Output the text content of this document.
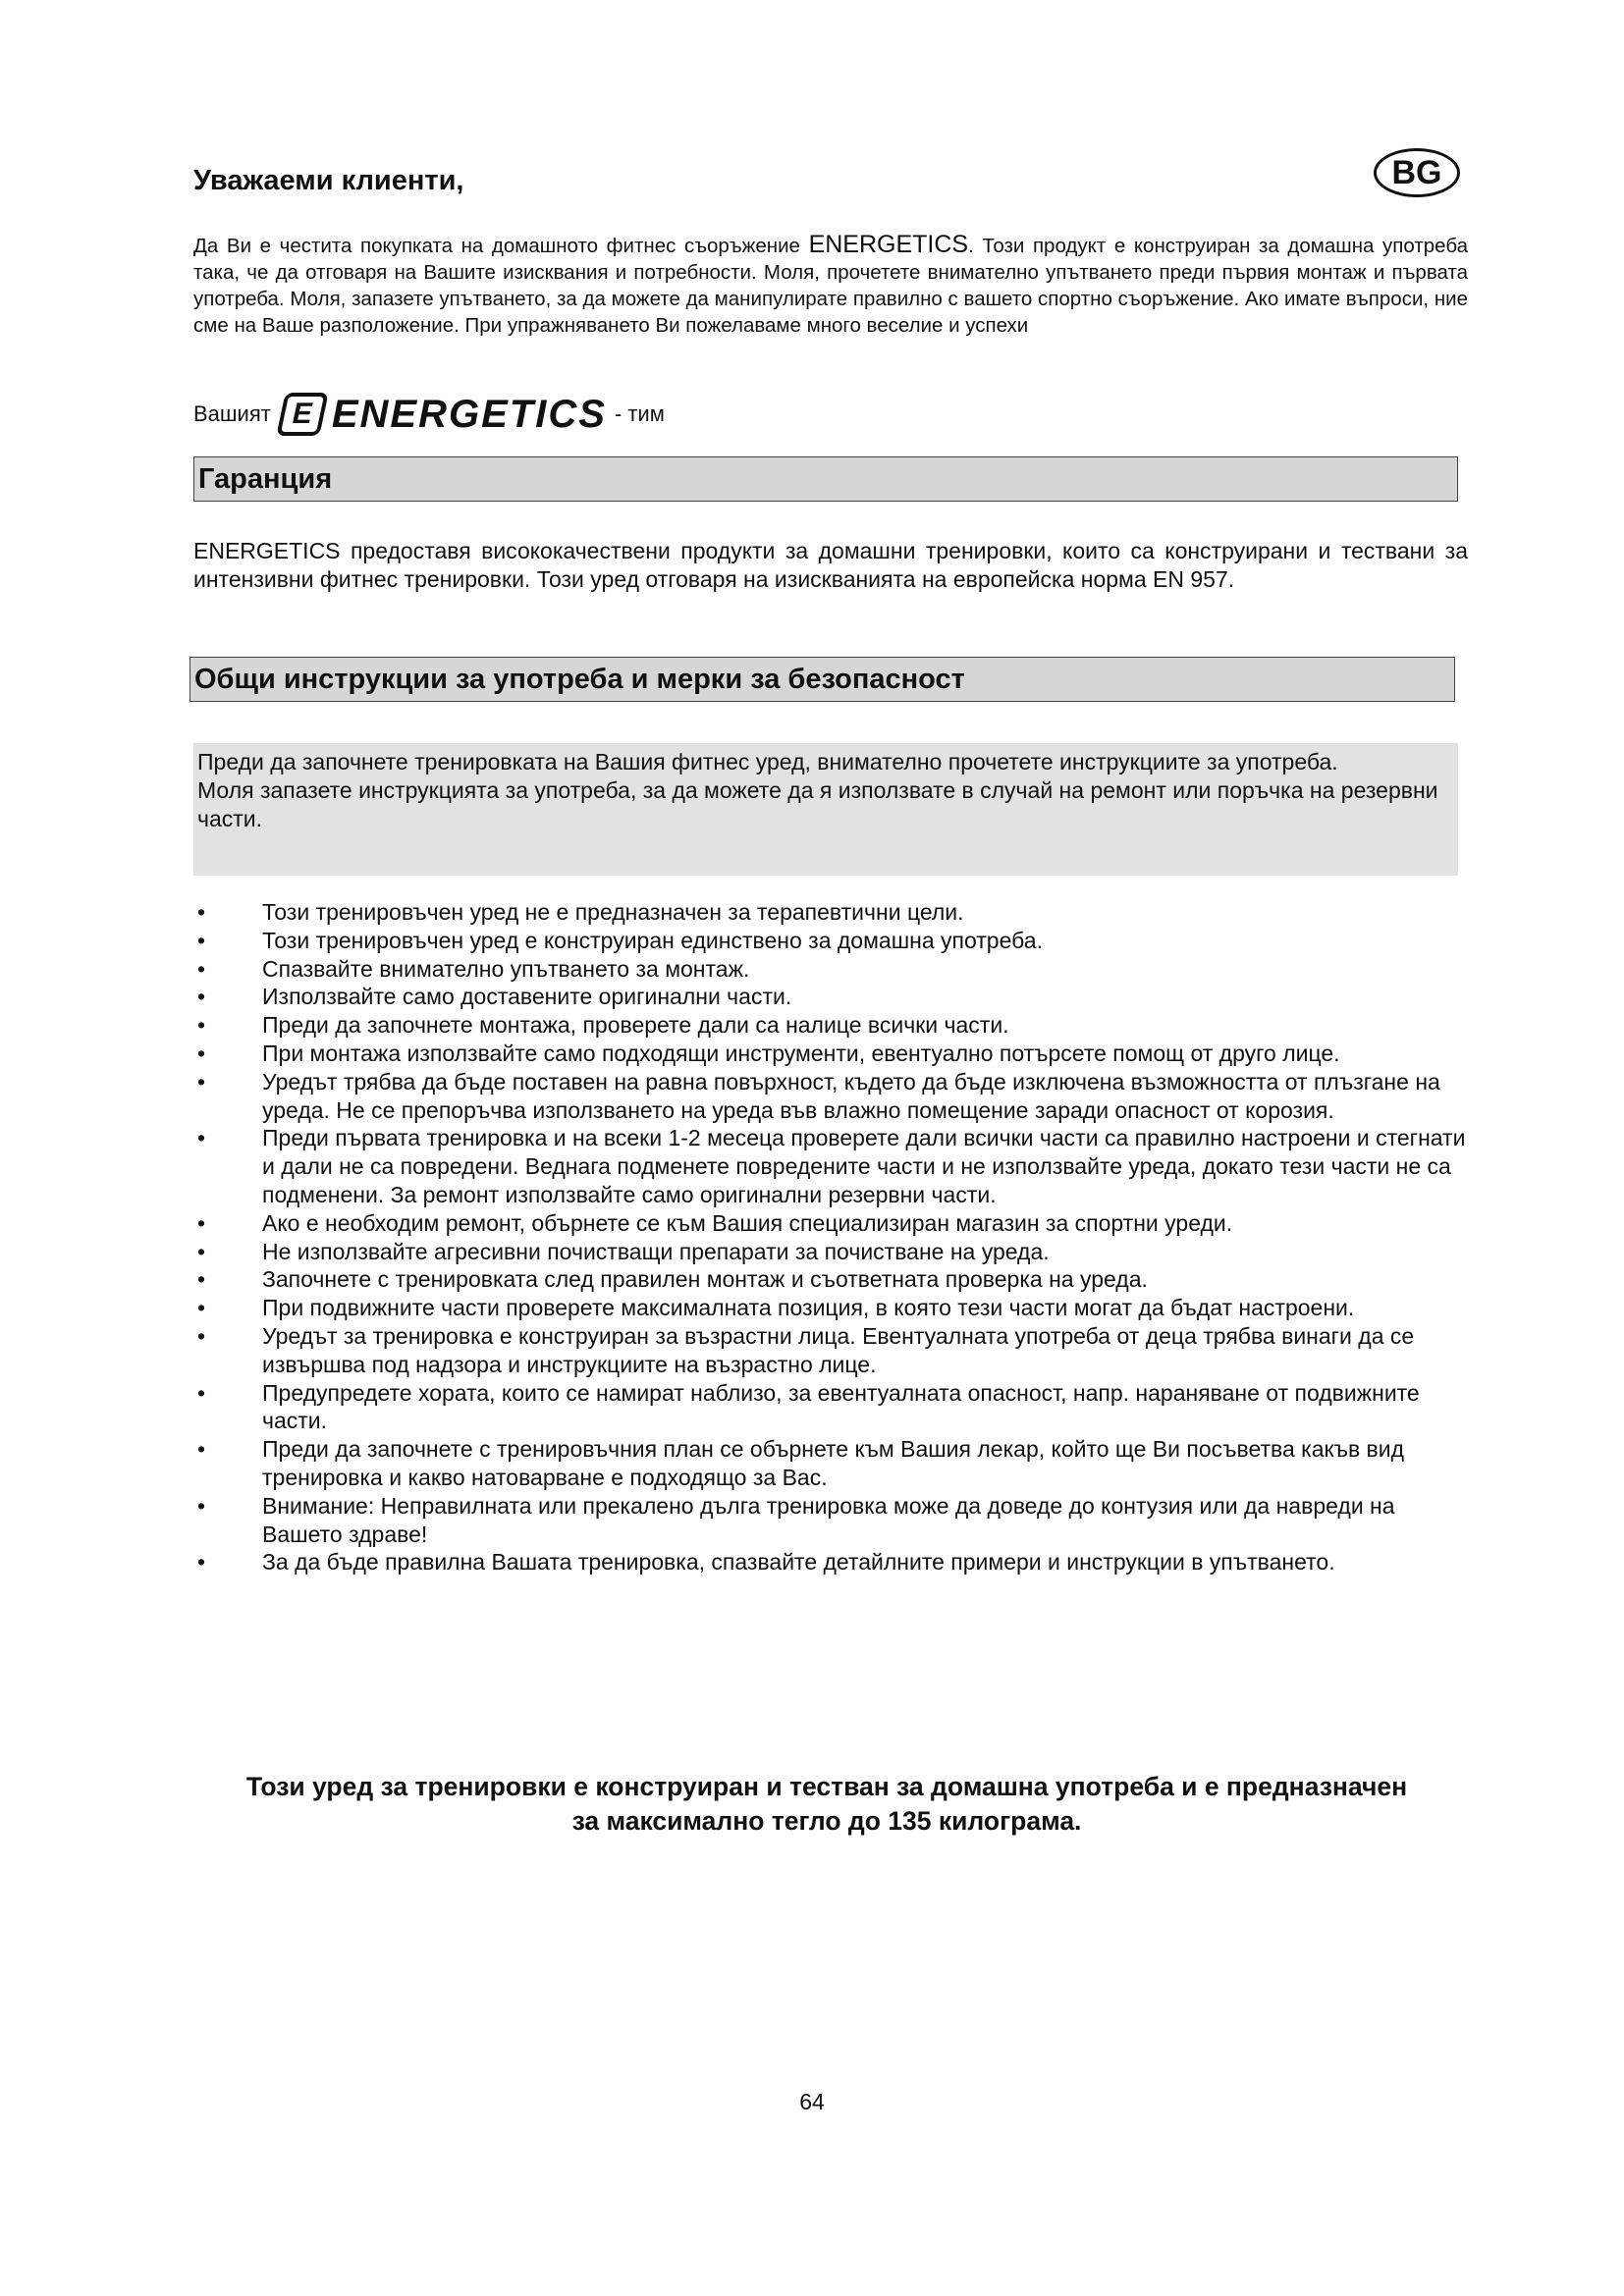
Уважаеми клиенти,	BG
Да Ви е честита покупката на домашното фитнес съоръжение ENERGETICS. Този продукт е конструиран за домашна употреба така, че да отговаря на Вашите изисквания и потребности. Моля, прочетете внимателно упътването преди първия монтаж и първата употреба. Моля, запазете упътването, за да можете да манипулирате правилно с вашето спортно съоръжение. Ако имате въпроси, ние сме на Ваше разположение. При упражняването Ви пожелаваме много веселие и успехи
Вашият E ENERGETICS - тим
Гаранция
ENERGETICS предоставя висококачествени продукти за домашни тренировки, които са конструирани и тествани за интензивни фитнес тренировки. Този уред отговаря на изискванията на европейска норма EN 957.
Общи инструкции за употреба и мерки за безопасност
Преди да започнете тренировката на Вашия фитнес уред, внимателно прочетете инструкциите за употреба.
Моля запазете инструкцията за употреба, за да можете да я използвате в случай на ремонт или поръчка на резервни части.
•	Този тренировъчен уред не е предназначен за терапевтични цели.
•	Този тренировъчен уред е конструиран единствено за домашна употреба.
•	Спазвайте внимателно упътването за монтаж.
•	Използвайте само доставените оригинални части.
•	Преди да започнете монтажа, проверете дали са налице всички части.
•	При монтажа използвайте само подходящи инструменти, евентуално потърсете помощ от друго лице.
•	Уредът трябва да бъде поставен на равна повърхност, където да бъде изключена възможността от плъзгане на уреда. Не се препоръчва използването на уреда във влажно помещение заради опасност от корозия.
•	Преди първата тренировка и на всеки 1-2 месеца проверете дали всички части са правилно настроени и стегнати и дали не са повредени. Веднага подменете повредените части и не използвайте уреда, докато тези части не са подменени. За ремонт използвайте само оригинални резервни части.
•	Ако е необходим ремонт, обърнете се към Вашия специализиран магазин за спортни уреди.
•	Не използвайте агресивни почистващи препарати за почистване на уреда.
•	Започнете с тренировката след правилен монтаж и съответната проверка на уреда.
•	При подвижните части проверете максималната позиция, в която тези части могат да бъдат настроени.
•	Уредът за тренировка е конструиран за възрастни лица. Евентуалната употреба от деца трябва винаги да се извършва под надзора и инструкциите на възрастно лице.
•	Предупредете хората, които се намират наблизо, за евентуалната опасност, напр. нараняване от подвижните части.
•	Преди да започнете с тренировъчния план се обърнете към Вашия лекар, който ще Ви посъветва какъв вид тренировка и какво натоварване е подходящо за Вас.
•	Внимание: Неправилната или прекалено дълга тренировка може да доведе до контузия или да навреди на Вашето здраве!
•	За да бъде правилна Вашата тренировка, спазвайте детайлните примери и инструкции в упътването.
Този уред за тренировки е конструиран и тестван за домашна употреба и е предназначен
за максимално тегло до 135 килограма.
64
